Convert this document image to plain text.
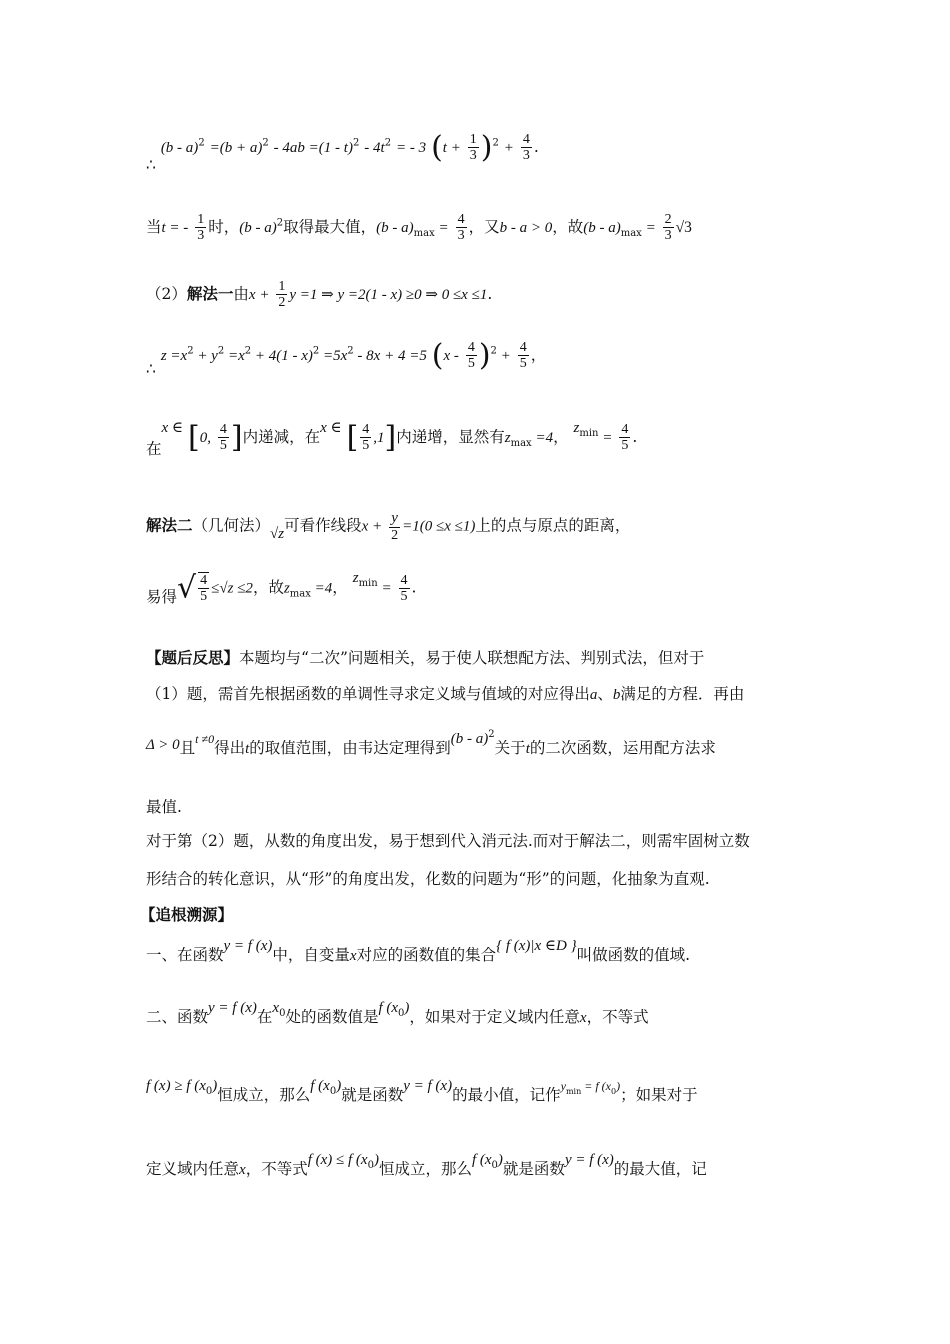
∴ $(b - a)^2 =(b + a)^2 - 4ab =(1 - t)^2 - 4t^2$ = - 3 $(t + \frac{1}{3} )^2 + \frac{4}{3}$ .
当t = - $\frac{1}{3}$ 时，(b - a)$^2$取得最大值，$(b - a)_{max} = \frac{4}{3}$ ，又b - a > 0，故$(b - a)_{max} = \frac{2}{3} √3$
（2）解法一由$x + \frac{1}{2}$ y =1 ⇒ y =2(1 - x) ≥0 ⇒ 0 ≤x ≤1.
∴ $z =x^2 + y^2 =x^2 + 4(1 - x)^2 =5x^2 - 8x + 4 =5$ $(x - \frac{4}{5} )^2 + \frac{4}{5}$ ，
在x ∈ [0, $\frac{4}{5}$ ]内递减，在x ∈ [ $\frac{4}{5} ,1$]内递增，显然有$z_{max} =4$， $z_{min} = \frac{4}{5}$ .
解法二（几何法）√z可看作线段$x + \frac{y}{2} =1(0 \le x \le 1)$上的点与原点的距离，
易得√ $\frac{4}{5} \le√z \le 2$，故$z_{max} =4$， $z_{min} = \frac{4}{5}$ .
【题后反思】本题均与“二次”问题相关，易于使人联想配方法、判别式法，但对于
（1）题，需首先根据函数的单调性寻求定义域与值域的对应得出a、b满足的方程．再由
Δ > 0且$^{t \ne 0}$得出t的取值范围，由韦达定理得到(b - a)$^2$关于t的二次函数，运用配方法求
最值.
对于第（2）题，从数的角度出发，易于想到代入消元法.而对于解法二，则需牢固树立数
形结合的转化意识，从“形”的角度出发，化数的问题为“形”的问题，化抽象为直观.
【追根溯源】
一、在函数y = f (x)中，自变量x对应的函数值的集合{ f (x)|x ∈D }叫做函数的值域.
二、函数y = f (x)在$x_0$处的函数值是f $(x_0)$，如果对于定义域内任意x，不等式
f (x) ≥ f $(x_0)$恒成立，那么f $(x_0)$就是函数y = f (x)的最小值，记作$^y_{min}$ $^{= f (x}_0$)；如果对于
定义域内任意x，不等式f (x) ≤ f $(x_0)$恒成立，那么f $(x_0)$就是函数y = f (x)的最大值，记
